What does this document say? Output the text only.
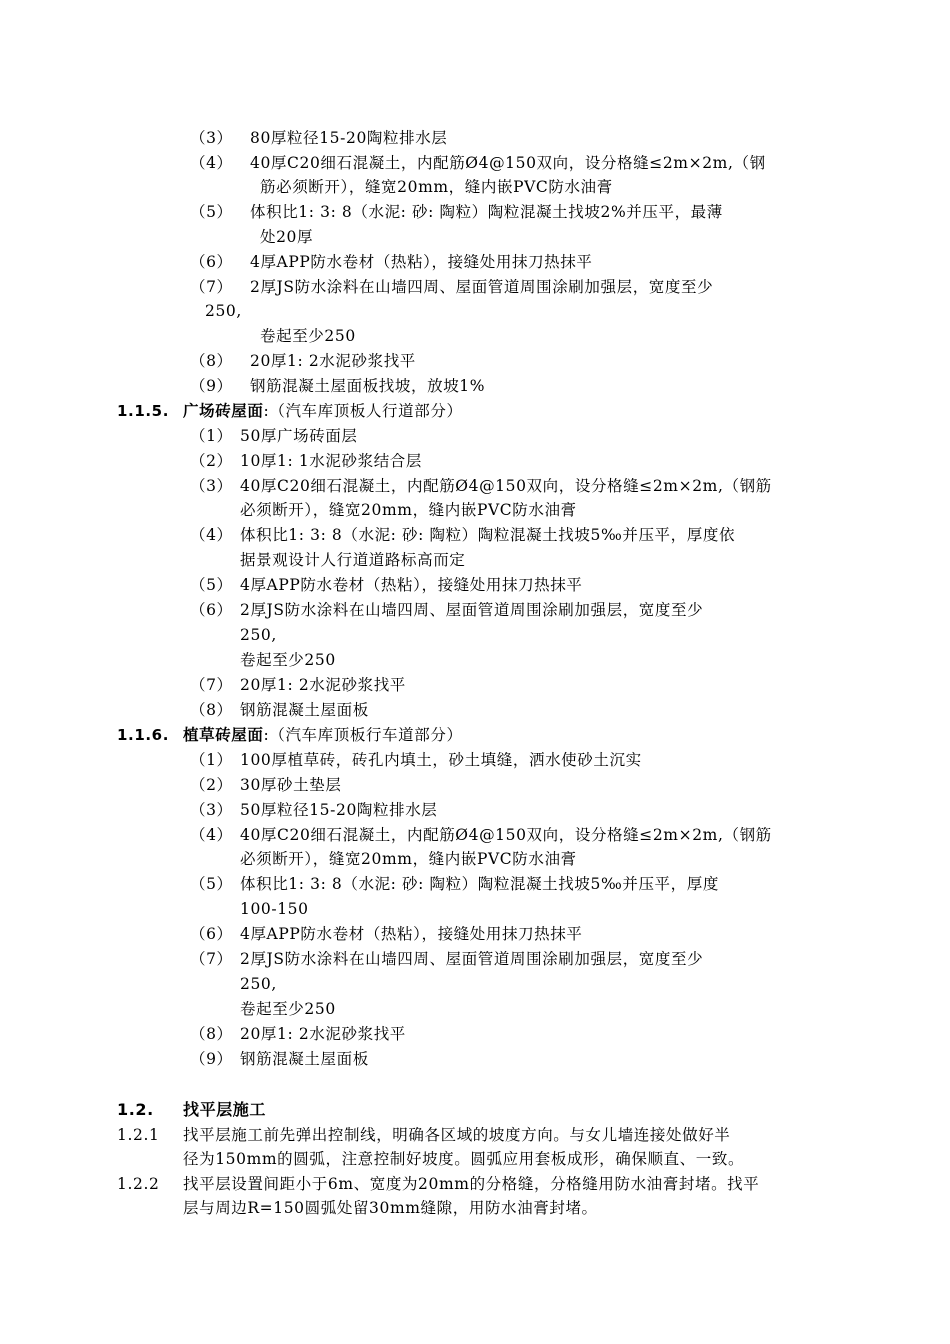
（3） 80厚粒径15-20陶粒排水层
（4） 40厚C20细石混凝土，内配筋Ø4@150双向，设分格缝≤2m×2m,（钢
筋必须断开），缝宽20mm，缝内嵌PVC防水油膏
（5） 体积比1: 3: 8（水泥: 砂: 陶粒）陶粒混凝土找坡2%并压平，最薄
处20厚
（6） 4厚APP防水卷材（热粘），接缝处用抹刀热抹平
（7） 2厚JS防水涂料在山墙四周、屋面管道周围涂刷加强层，宽度至少
250,
卷起至少250
（8） 20厚1: 2水泥砂浆找平
（9） 钢筋混凝土屋面板找坡，放坡1%
1.1.5. 广场砖屋面:（汽车库顶板人行道部分）
（1） 50厚广场砖面层
（2） 10厚1: 1水泥砂浆结合层
（3） 40厚C20细石混凝土，内配筋Ø4@150双向，设分格缝≤2m×2m,（钢筋
必须断开），缝宽20mm，缝内嵌PVC防水油膏
（4） 体积比1: 3: 8（水泥: 砂: 陶粒）陶粒混凝土找坡5‰并压平，厚度依
据景观设计人行道道路标高而定
（5） 4厚APP防水卷材（热粘），接缝处用抹刀热抹平
（6） 2厚JS防水涂料在山墙四周、屋面管道周围涂刷加强层，宽度至少
250,
卷起至少250
（7） 20厚1: 2水泥砂浆找平
（8） 钢筋混凝土屋面板
1.1.6. 植草砖屋面:（汽车库顶板行车道部分）
（1） 100厚植草砖，砖孔内填土，砂土填缝，洒水使砂土沉实
（2） 30厚砂土垫层
（3） 50厚粒径15-20陶粒排水层
（4） 40厚C20细石混凝土，内配筋Ø4@150双向，设分格缝≤2m×2m,（钢筋
必须断开），缝宽20mm，缝内嵌PVC防水油膏
（5） 体积比1: 3: 8（水泥: 砂: 陶粒）陶粒混凝土找坡5‰并压平，厚度
100-150
（6） 4厚APP防水卷材（热粘），接缝处用抹刀热抹平
（7） 2厚JS防水涂料在山墙四周、屋面管道周围涂刷加强层，宽度至少
250,
卷起至少250
（8） 20厚1: 2水泥砂浆找平
（9） 钢筋混凝土屋面板
1.2. 找平层施工
1.2.1 找平层施工前先弹出控制线，明确各区域的坡度方向。与女儿墙连接处做好半
径为150mm的圆弧，注意控制好坡度。圆弧应用套板成形，确保顺直、一致。
1.2.2 找平层设置间距小于6m、宽度为20mm的分格缝，分格缝用防水油膏封堵。找平
层与周边R=150圆弧处留30mm缝隙，用防水油膏封堵。
